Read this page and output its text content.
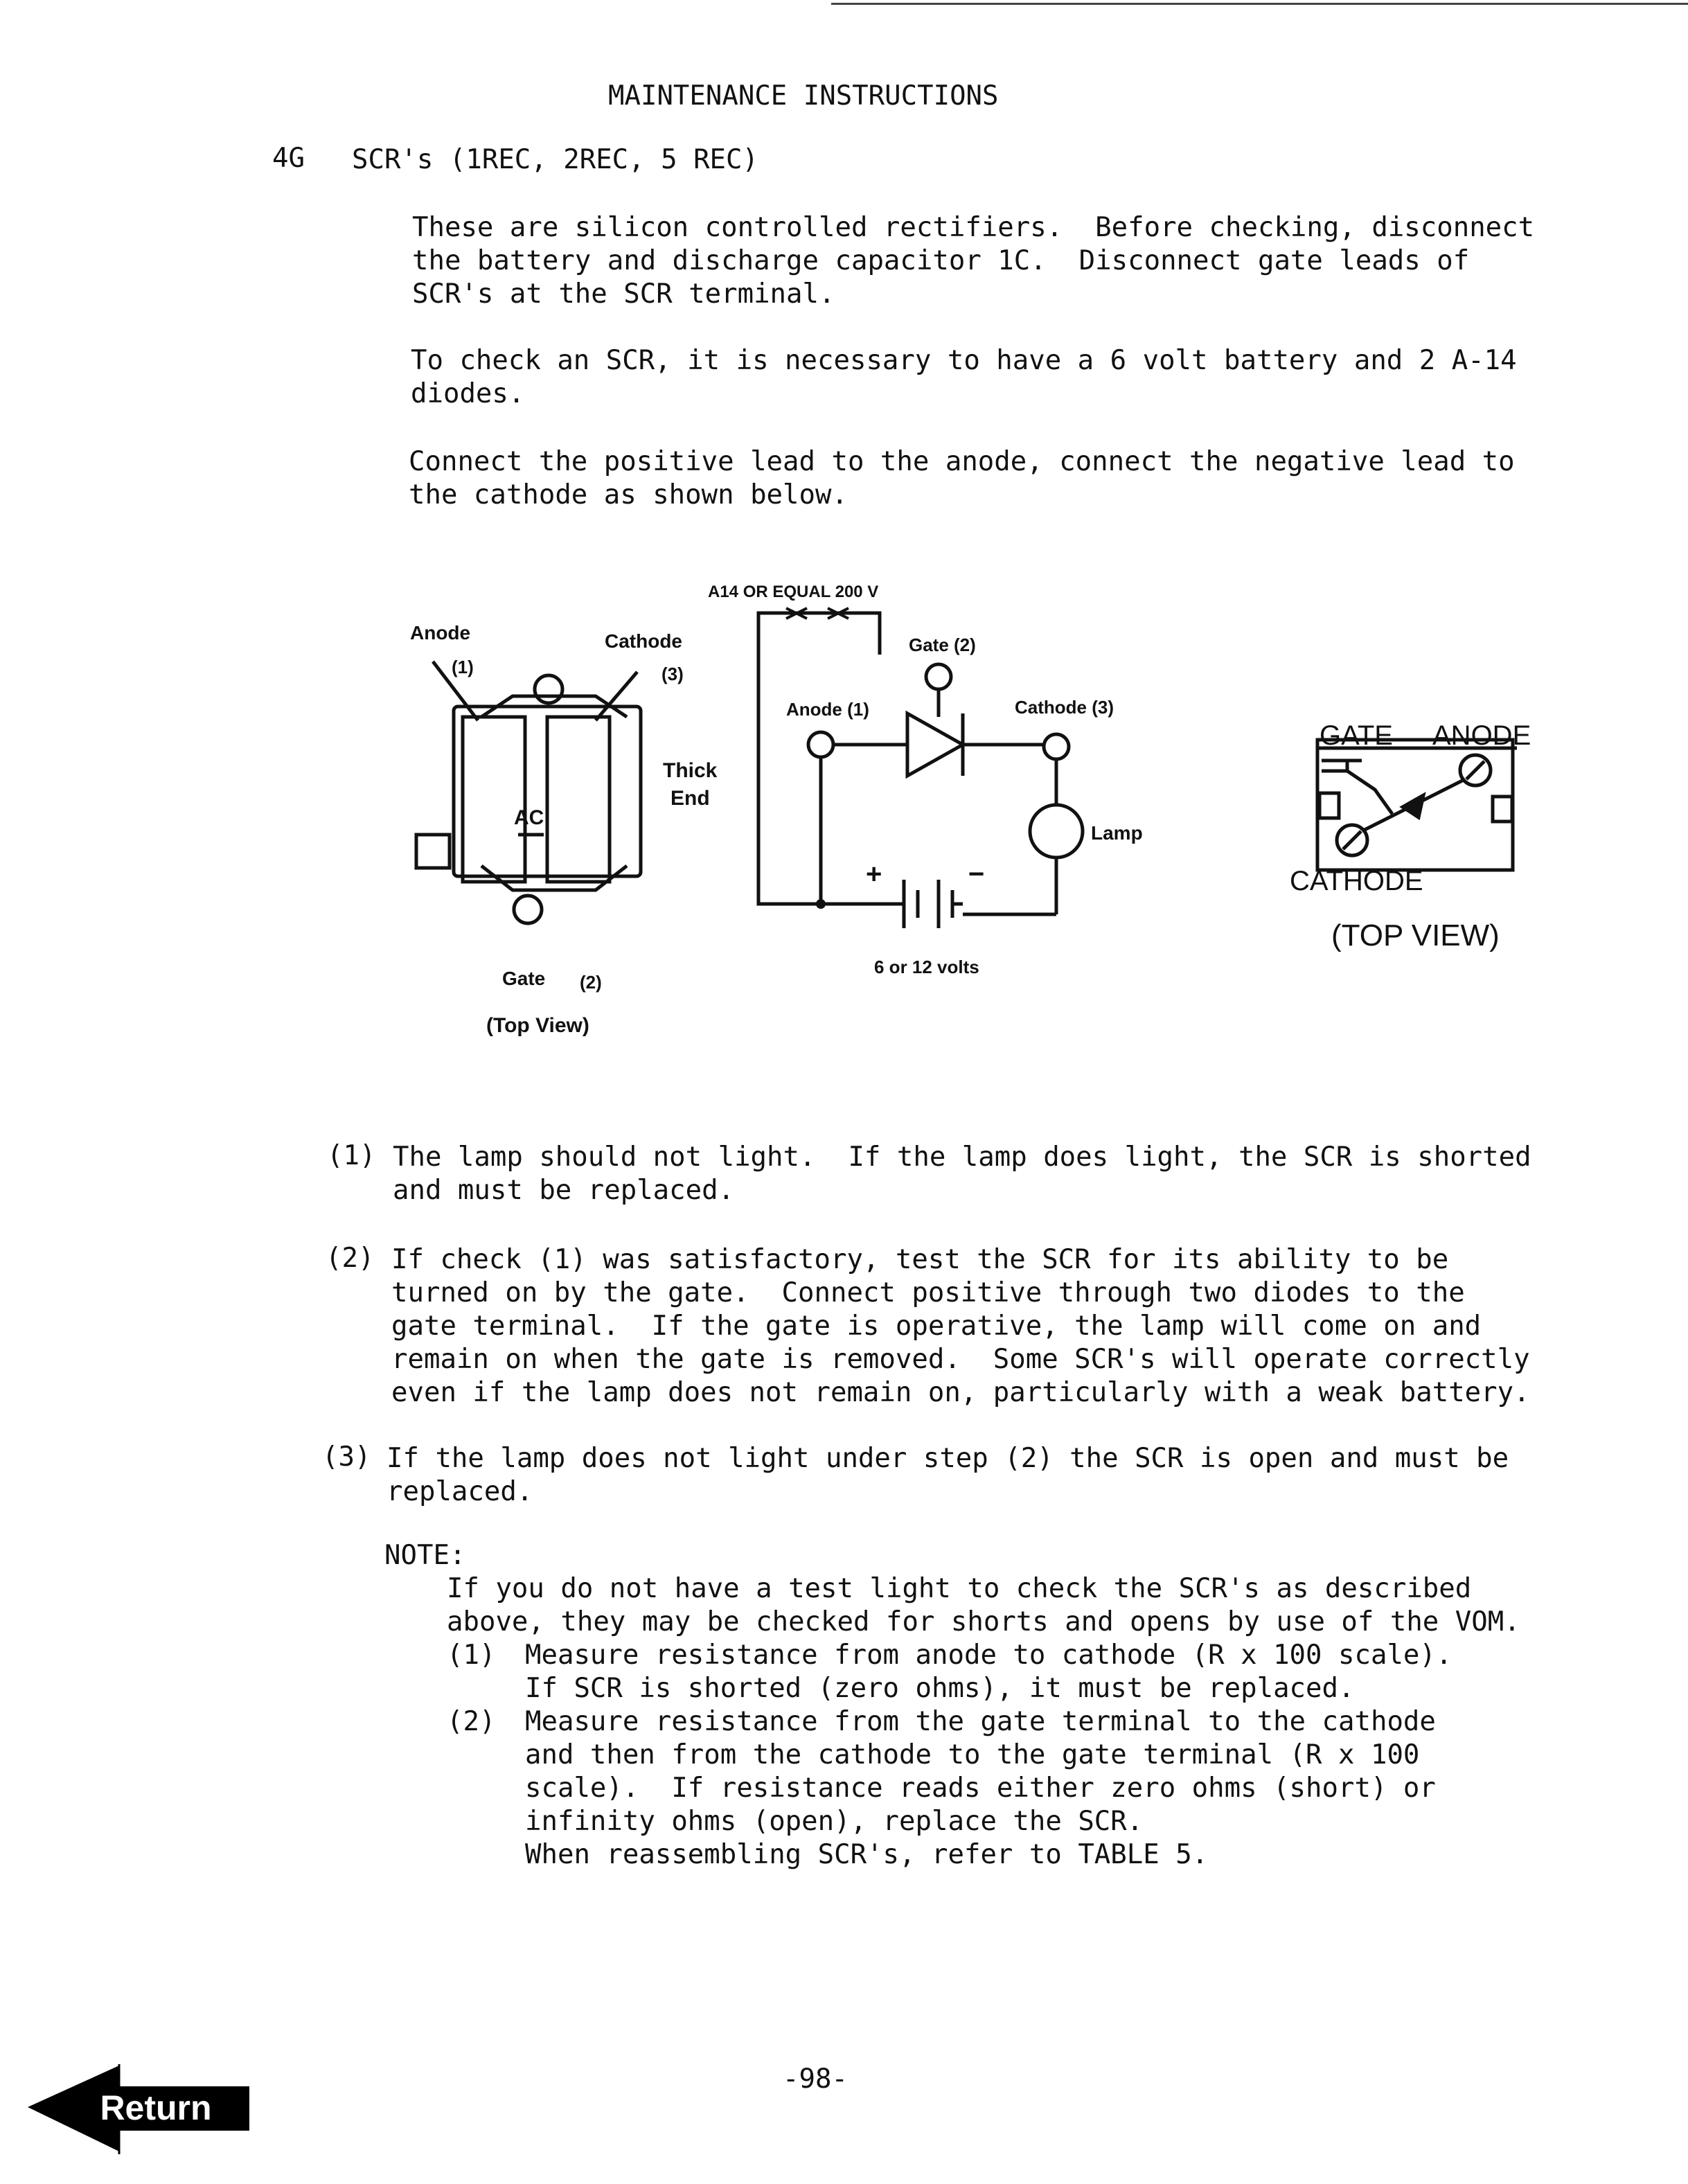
MAINTENANCE INSTRUCTIONS

4G SCR's (1REC, 2REC, 5 REC)

These are silicon controlled rectifiers.  Before checking, disconnect
the battery and discharge capacitor 1C.  Disconnect gate leads of
SCR's at the SCR terminal.
To check an SCR, it is necessary to have a 6 volt battery and 2 A-14
diodes.
Connect the positive lead to the anode, connect the negative lead to
the cathode as shown below.
Anode
(1)
Cathode
(3)
AC
Thick
End
Gate (2)
(Top View)
A14 OR EQUAL 200 V
Gate (2)
Anode (1)	Cathode (3)
Lamp
+	−
6 or 12 volts
GATE ANODE
CATHODE
(TOP VIEW)

(1) The lamp should not light.  If the lamp does light, the SCR is shorted
and must be replaced.

(2) If check (1) was satisfactory, test the SCR for its ability to be
turned on by the gate.  Connect positive through two diodes to the
gate terminal.  If the gate is operative, the lamp will come on and
remain on when the gate is removed.  Some SCR's will operate correctly
even if the lamp does not remain on, particularly with a weak battery.

(3) If the lamp does not light under step (2) the SCR is open and must be
replaced.

NOTE:

If you do not have a test light to check the SCR's as described
above, they may be checked for shorts and opens by use of the VOM.

(1) Measure resistance from anode to cathode (R x 100 scale).
If SCR is shorted (zero ohms), it must be replaced.

(2) Measure resistance from the gate terminal to the cathode
and then from the cathode to the gate terminal (R x 100
scale).  If resistance reads either zero ohms (short) or
infinity ohms (open), replace the SCR.
When reassembling SCR's, refer to TABLE 5.

-98-

Return
